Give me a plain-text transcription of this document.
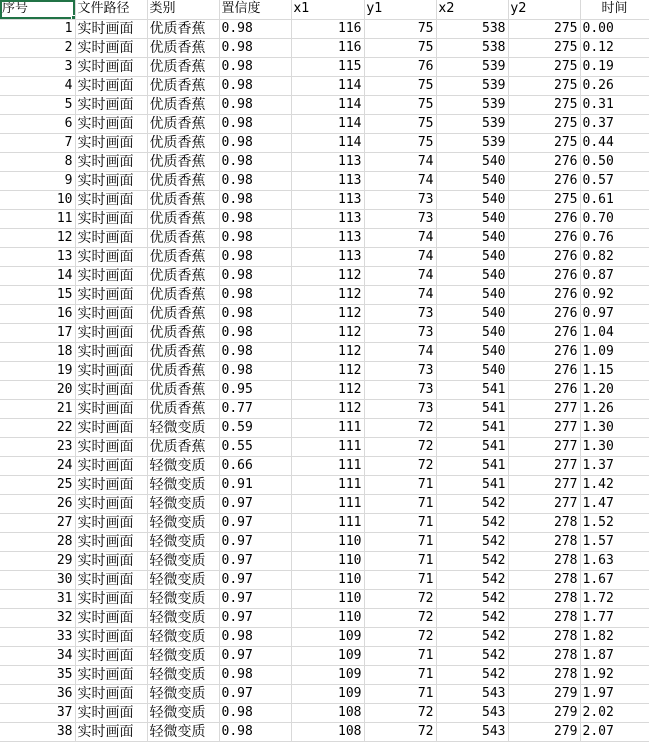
序号	文件路径	类别	置信度	x1	y1	x2	y2	时间
1	实时画面	优质香蕉	0.98	116	75	538	275	0.00
2	实时画面	优质香蕉	0.98	116	75	538	275	0.12
3	实时画面	优质香蕉	0.98	115	76	539	275	0.19
4	实时画面	优质香蕉	0.98	114	75	539	275	0.26
5	实时画面	优质香蕉	0.98	114	75	539	275	0.31
6	实时画面	优质香蕉	0.98	114	75	539	275	0.37
7	实时画面	优质香蕉	0.98	114	75	539	275	0.44
8	实时画面	优质香蕉	0.98	113	74	540	276	0.50
9	实时画面	优质香蕉	0.98	113	74	540	276	0.57
10	实时画面	优质香蕉	0.98	113	73	540	275	0.61
11	实时画面	优质香蕉	0.98	113	73	540	276	0.70
12	实时画面	优质香蕉	0.98	113	74	540	276	0.76
13	实时画面	优质香蕉	0.98	113	74	540	276	0.82
14	实时画面	优质香蕉	0.98	112	74	540	276	0.87
15	实时画面	优质香蕉	0.98	112	74	540	276	0.92
16	实时画面	优质香蕉	0.98	112	73	540	276	0.97
17	实时画面	优质香蕉	0.98	112	73	540	276	1.04
18	实时画面	优质香蕉	0.98	112	74	540	276	1.09
19	实时画面	优质香蕉	0.98	112	73	540	276	1.15
20	实时画面	优质香蕉	0.95	112	73	541	276	1.20
21	实时画面	优质香蕉	0.77	112	73	541	277	1.26
22	实时画面	轻微变质	0.59	111	72	541	277	1.30
23	实时画面	优质香蕉	0.55	111	72	541	277	1.30
24	实时画面	轻微变质	0.66	111	72	541	277	1.37
25	实时画面	轻微变质	0.91	111	71	541	277	1.42
26	实时画面	轻微变质	0.97	111	71	542	277	1.47
27	实时画面	轻微变质	0.97	111	71	542	278	1.52
28	实时画面	轻微变质	0.97	110	71	542	278	1.57
29	实时画面	轻微变质	0.97	110	71	542	278	1.63
30	实时画面	轻微变质	0.97	110	71	542	278	1.67
31	实时画面	轻微变质	0.97	110	72	542	278	1.72
32	实时画面	轻微变质	0.97	110	72	542	278	1.77
33	实时画面	轻微变质	0.98	109	72	542	278	1.82
34	实时画面	轻微变质	0.97	109	71	542	278	1.87
35	实时画面	轻微变质	0.98	109	71	542	278	1.92
36	实时画面	轻微变质	0.97	109	71	543	279	1.97
37	实时画面	轻微变质	0.98	108	72	543	279	2.02
38	实时画面	轻微变质	0.98	108	72	543	279	2.07
